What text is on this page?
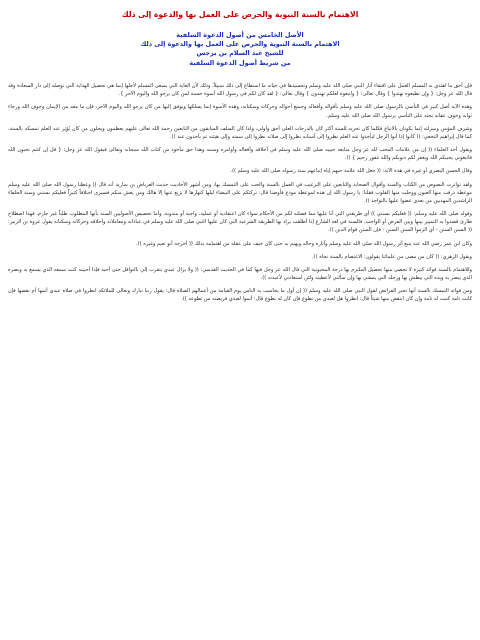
الاهتمام بالسنة النبوية والحرص على العمل بها والدعوة إلى ذلك
الأصل الخامس من أصول الدعوة السلفية
الاهتمام بالسنة النبوية والحرص على العمل بها والدعوة إلى ذلك
للشيخ عبد السلام بن برجس
من شريط أصول الدعوة السلفية

فإن أحق ما اهتدي به المسلم العمل على اقتفاء آثار النبي صلى الله عليه وسلم وتحسيدها في حياته ما استطاع إلى ذلك سبيلاً، وذلك لأن الغاية التي يسعى المسلم لأجلها إنما هي تحصيل الهداية التي توصله إلى دار السعادة وقد قال الله عز وجل: { وإن تطيعوه تهتدوا } وقال تعالى: { واتبعوه لعلكم تهتدون } وقال تعالى: { لقد كان لكم في رسول الله أسوة حسنة لمن كان يرجو الله واليوم الآخر }.

وهذه الآية أصل كبير في التأسي بالرسول صلى الله عليه وسلم بأقواله وأفعاله وجميع أحواله وحركاته وسكناته، وهذه الأسوة إنما يسلكها ويوفق إليها من كان يرجو الله واليوم الآخر، فإن ما معه من الإيمان وخوف الله ورجاء ثوابه وخوف عقابه يحثه على التأسي برسول الله صلى الله عليه وسلم.

وشرف المؤمن ومنزلته إنما يكونان بالاتباع فكلما كان تحريه للسنة أكثر كان بالدرجات العلى أحق وأولى، ولذا كان السلف السابقون من التابعين رحمة الله تعالى عليهم يعظمون ويجلون من كان يُؤثِر عنه العلم تمسكه بالسنة، كما قال إبراهيم النخعي: (( كانوا إذا أتوا الرجل ليأخذوا عنه العلم نظروا إلى أسبابه نظروا إلى صلاته نظروا إلى سمته وإلى هيئته ثم يأخذون عنه )).

ويقول أحد العلماء (( إن من علامات المحب لله عز وجل متابعة حبيبه صلى الله عليه وسلم في أخلاقه وأفعاله وأوامره وسننه وهذا حق مأخوذ من كتاب الله سبحانه وتعالى فيقول الله عز وجل: { قل إن كنتم تحبون الله فاتبعوني يحببكم الله ويغفر لكم ذنوبكم والله غفور رحيم } )).

وقال الحسن البصري أو غيره في هذه الآية: (( جعل الله علامة حبهم إياه إتباعهم سنة رسوله صلى الله عليه وسلم )).

ولقد تواترت النصوص من الكتاب والسنة وأقوال الصحابة والتابعين على الترغيب في العمل بالسنة والحث على التمسك بها، ومن أشهر الأحاديث حديث العرباض بن سارية أنه قال (( وعظنا رسول الله صلى الله عليه وسلم موعظة ذرفت منها العيون ووجلت منها القلوب فقلنا: يا رسول الله إن هذه لموعظة مودع فأوصنا قال: تركتكم على البيضاء ليلها كنهارها لا يزيغ عنها إلا هالك ومن يعش منكم فسيرى اختلافاً كثيراً فعليكم بسنتي وسنة الخلفاء الراشدين المهديين من بعدي عضوا عليها بالنواجذ )).

وقوله صلى الله عليه وسلم: (( فعليكم بسنتي )) أي طريقتي التي أنا عليها مما فصلته لكم من الأحكام سواء كان اعتقادية أو عملية، واجبة أو مندوبة، وأما تخصيص الأصوليين السنة بأنها المطلوب طلباً غير جازم، فهذا اصطلاح طارئ قصدوا به التمييز بينها وبين الفرض أو الواجب، فالسنة في لغة الشارع إذا أطلقت يراد بها الطريقة الشرعية التي كان عليها النبي صلى الله عليه وسلم في عباداته ومعاملاته وأخلاقه وحركاته وسكناته يقول عروة بن الزبير: (( السنن السنن - أي الزموا السنن السنن - فإن السنن قوام الدين )).

وكان ابن عمر رضي الله عنه يتبع أثر رسول الله صلى الله عليه وسلم وآثاره وحاله ويهتم به حتى كان خيف على عقله من اهتمامه بذلك (( أخرجه أبو نعيم وغيره )).

ويقول الزهري: (( كان من مضى من علمائنا يقولون: الاعتصام بالسنة نجاة )).

وللاهتمام بالسنة فوائد كثيرة لا تحصى منها تحصيل الملتزم بها درجة المحبوبية التي قال الله عز وجل فيها كما في الحديث القدسي: (( ولا يزال عبدي يتقرب إلي بالنوافل حتى أحبه فإذا أحببته كنت سمعه الذي يسمع به وبصره الذي يبصر به ويده التي يبطش بها ورجله التي يمشي بها وإن سألني لأعطينه ولئن استعاذني لأعيذنه )).

ومن فوائد التمسك بالسنة أنها تجبر الفرائض لقول النبي صلى الله عليه وسلم (( إن أول ما يحاسب به الناس يوم القيامة من أعمالهم الصلاة قال: يقول ربنا تبارك وتعالى للملائكة انظروا في صلاة عبدي أتمها أم نقصها فإن كانت تامة كتبت له تامة وإن كان انتقص منها شيئاً قال: انظروا هل لعبدي من تطوع فإن كان له تطوع قال: أتموا لعبدي فريضته من تطوعه )).
